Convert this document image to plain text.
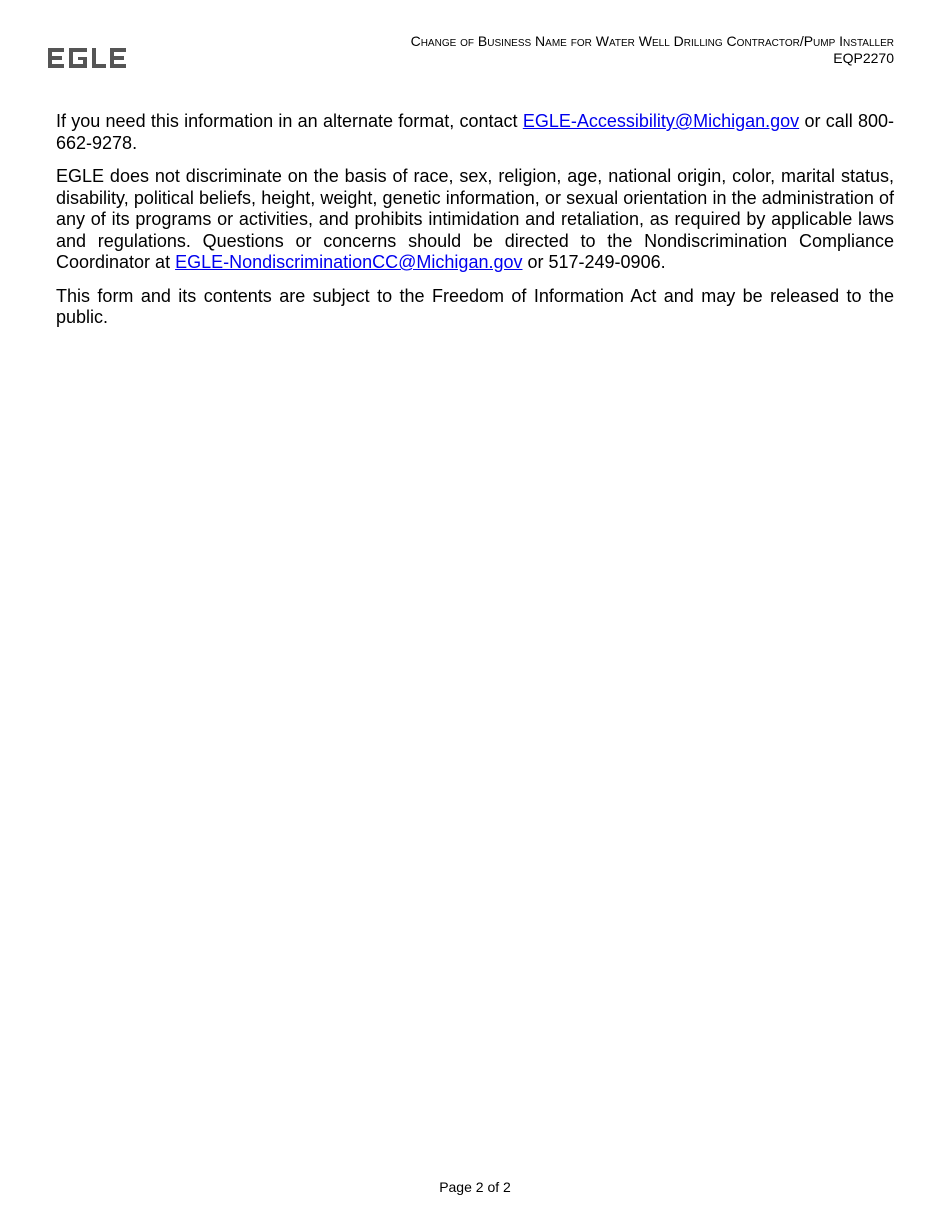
Change of Business Name for Water Well Drilling Contractor/Pump Installer
EQP2270

If you need this information in an alternate format, contact EGLE-Accessibility@Michigan.gov or call 800-662-9278.

EGLE does not discriminate on the basis of race, sex, religion, age, national origin, color, marital status, disability, political beliefs, height, weight, genetic information, or sexual orientation in the administration of any of its programs or activities, and prohibits intimidation and retaliation, as required by applicable laws and regulations. Questions or concerns should be directed to the Nondiscrimination Compliance Coordinator at EGLE-NondiscriminationCC@Michigan.gov or 517-249-0906.

This form and its contents are subject to the Freedom of Information Act and may be released to the public.

Page 2 of 2
